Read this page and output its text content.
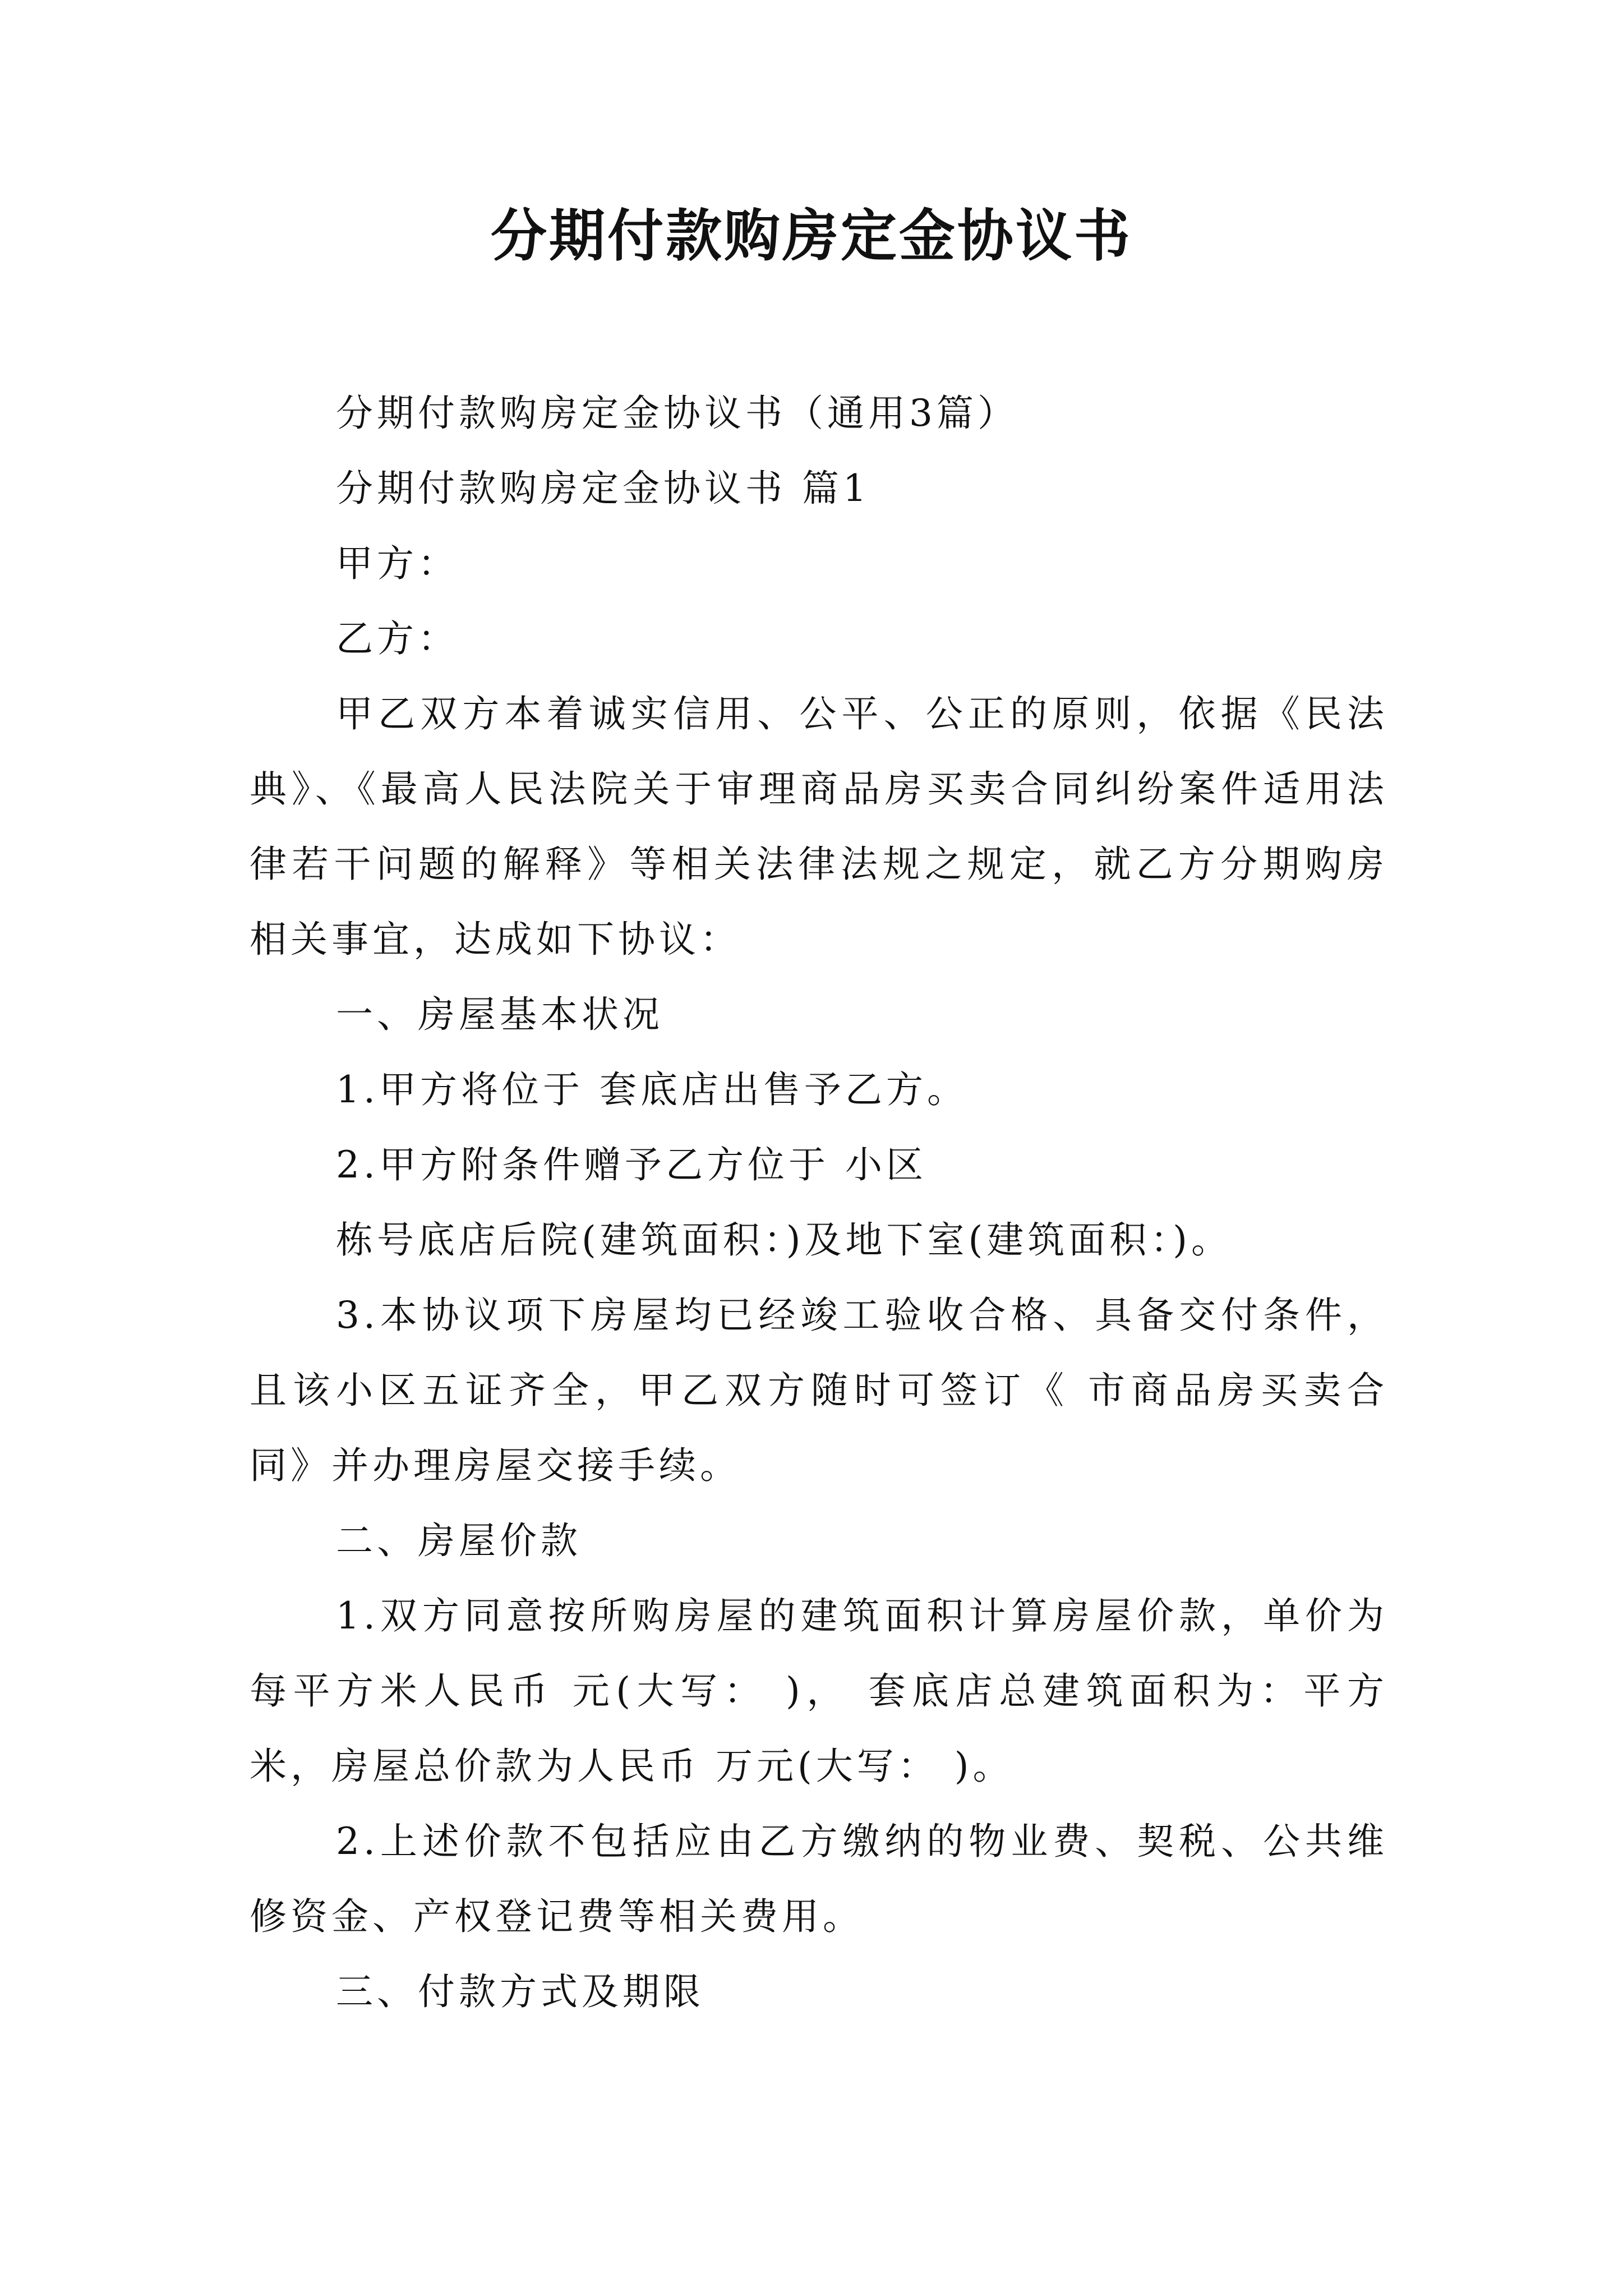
分期付款购房定金协议书

分期付款购房定金协议书（通用3篇）

分期付款购房定金协议书 篇1

甲方：

乙方：

甲乙双方本着诚实信用、公平、公正的原则，依据《民法典》、《最高人民法院关于审理商品房买卖合同纠纷案件适用法律若干问题的解释》等相关法律法规之规定，就乙方分期购房相关事宜，达成如下协议：

一、房屋基本状况

1.甲方将位于 套底店出售予乙方。

2.甲方附条件赠予乙方位于 小区

栋号底店后院(建筑面积：)及地下室(建筑面积：)。

3.本协议项下房屋均已经竣工验收合格、具备交付条件，且该小区五证齐全，甲乙双方随时可签订《 市商品房买卖合同》并办理房屋交接手续。

二、房屋价款

1.双方同意按所购房屋的建筑面积计算房屋价款，单价为每平方米人民币 元(大写： )， 套底店总建筑面积为：平方米，房屋总价款为人民币 万元(大写： )。

2.上述价款不包括应由乙方缴纳的物业费、契税、公共维修资金、产权登记费等相关费用。

三、付款方式及期限
